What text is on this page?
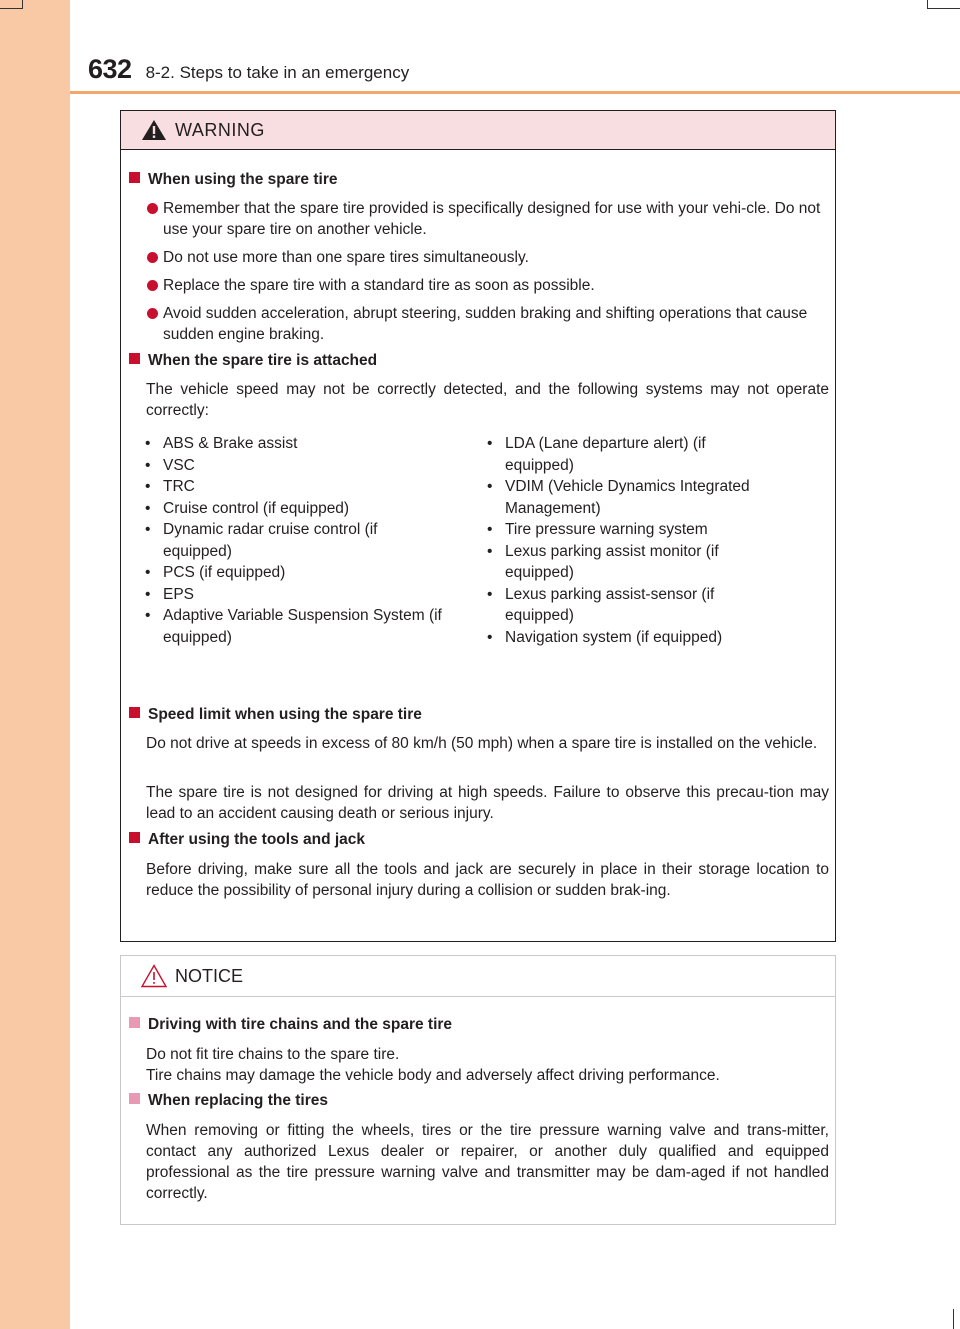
632 8-2. Steps to take in an emergency
WARNING
When using the spare tire
Remember that the spare tire provided is specifically designed for use with your vehi-cle. Do not use your spare tire on another vehicle.
Do not use more than one spare tires simultaneously.
Replace the spare tire with a standard tire as soon as possible.
Avoid sudden acceleration, abrupt steering, sudden braking and shifting operations that cause sudden engine braking.
When the spare tire is attached
The vehicle speed may not be correctly detected, and the following systems may not operate correctly:
• ABS & Brake assist
• VSC
• TRC
• Cruise control (if equipped)
• Dynamic radar cruise control (if equipped)
• PCS (if equipped)
• EPS
• Adaptive Variable Suspension System (if equipped)
• LDA (Lane departure alert) (if equipped)
• VDIM (Vehicle Dynamics Integrated Management)
• Tire pressure warning system
• Lexus parking assist monitor (if equipped)
• Lexus parking assist-sensor (if equipped)
• Navigation system (if equipped)
Speed limit when using the spare tire
Do not drive at speeds in excess of 80 km/h (50 mph) when a spare tire is installed on the vehicle.
The spare tire is not designed for driving at high speeds. Failure to observe this precau-tion may lead to an accident causing death or serious injury.
After using the tools and jack
Before driving, make sure all the tools and jack are securely in place in their storage location to reduce the possibility of personal injury during a collision or sudden brak-ing.
NOTICE
Driving with tire chains and the spare tire
Do not fit tire chains to the spare tire.
Tire chains may damage the vehicle body and adversely affect driving performance.
When replacing the tires
When removing or fitting the wheels, tires or the tire pressure warning valve and trans-mitter, contact any authorized Lexus dealer or repairer, or another duly qualified and equipped professional as the tire pressure warning valve and transmitter may be dam-aged if not handled correctly.
